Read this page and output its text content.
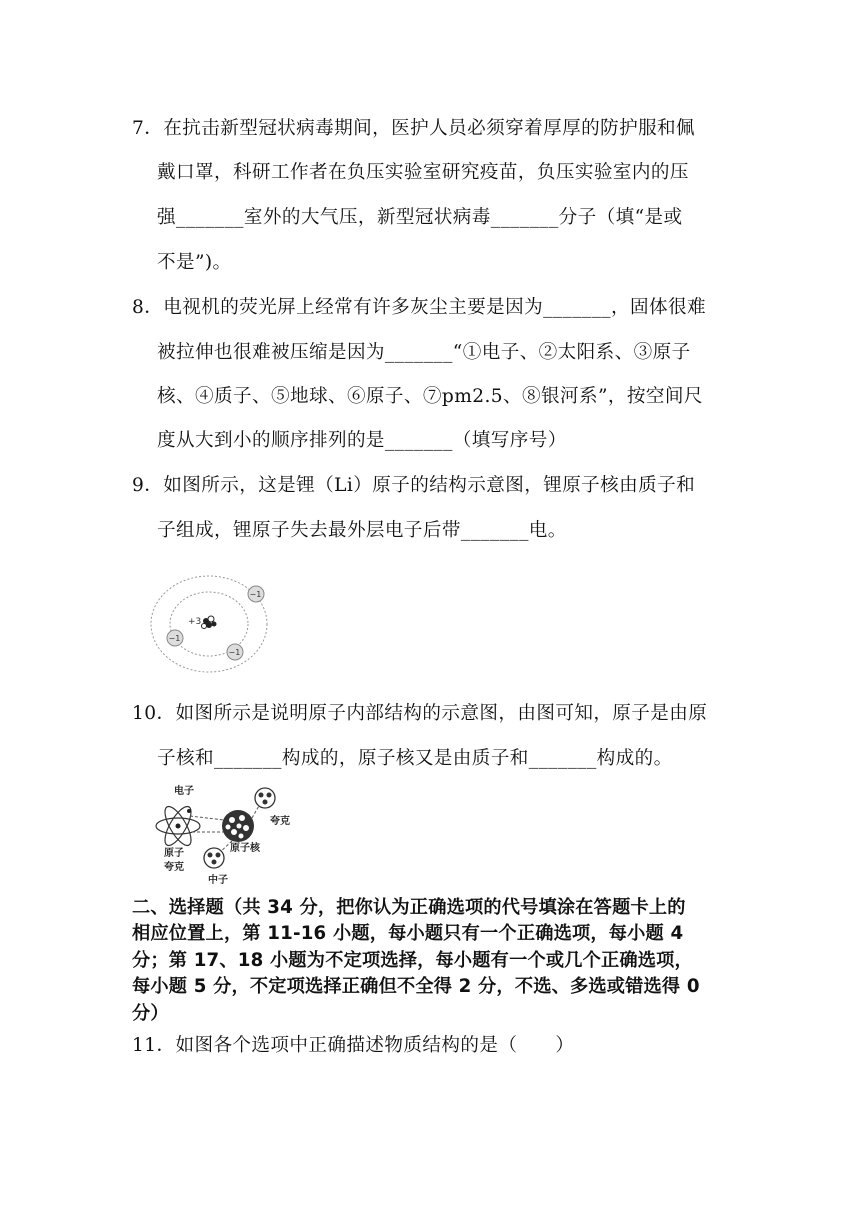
7．在抗击新型冠状病毒期间，医护人员必须穿着厚厚的防护服和佩
戴口罩，科研工作者在负压实验室研究疫苗，负压实验室内的压
强_______室外的大气压，新型冠状病毒_______分子（填“是或
不是”)。
8．电视机的荧光屏上经常有许多灰尘主要是因为_______，固体很难
被拉伸也很难被压缩是因为_______“①电子、②太阳系、③原子
核、④质子、⑤地球、⑥原子、⑦pm2.5、⑧银河系”，按空间尺
度从大到小的顺序排列的是_______（填写序号）
9．如图所示，这是锂（Li）原子的结构示意图，锂原子核由质子和
子组成，锂原子失去最外层电子后带_______电。
+3
−1
−1
−1
10．如图所示是说明原子内部结构的示意图，由图可知，原子是由原
子核和_______构成的，原子核又是由质子和_______构成的。
电子
夸克
原子	原子核
夸克
中子
二、选择题（共 34 分，把你认为正确选项的代号填涂在答题卡上的
相应位置上，第 11-16 小题，每小题只有一个正确选项，每小题 4
分；第 17、18 小题为不定项选择，每小题有一个或几个正确选项，
每小题 5 分，不定项选择正确但不全得 2 分，不选、多选或错选得 0
分）
11．如图各个选项中正确描述物质结构的是（　　）
